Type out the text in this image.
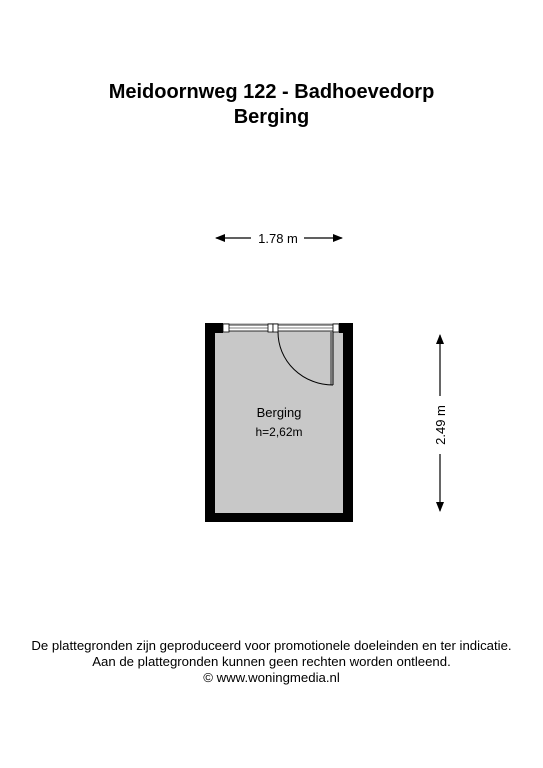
Meidoornweg 122 - Badhoevedorp
Berging
1.78 m
Berging
h=2,62m	2.49 m
De plattegronden zijn geproduceerd voor promotionele doeleinden en ter indicatie.
Aan de plattegronden kunnen geen rechten worden ontleend.
© www.woningmedia.nl
